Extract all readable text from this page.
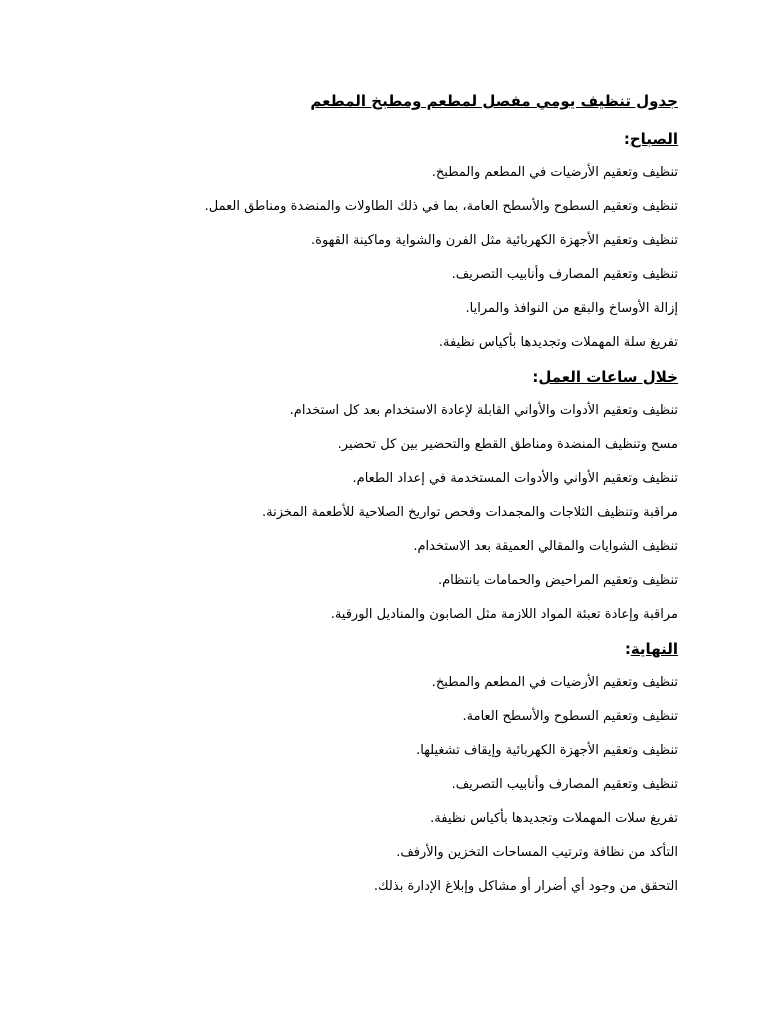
جدول تنظيف يومي مفصل لمطعم ومطبخ المطعم
الصباح:
تنظيف وتعقيم الأرضيات في المطعم والمطبخ.
تنظيف وتعقيم السطوح والأسطح العامة، بما في ذلك الطاولات والمنضدة ومناطق العمل.
تنظيف وتعقيم الأجهزة الكهربائية مثل الفرن والشواية وماكينة القهوة.
تنظيف وتعقيم المصارف وأنابيب التصريف.
إزالة الأوساخ والبقع من النوافذ والمرايا.
تفريغ سلة المهملات وتجديدها بأكياس نظيفة.
خلال ساعات العمل:
تنظيف وتعقيم الأدوات والأواني القابلة لإعادة الاستخدام بعد كل استخدام.
مسح وتنظيف المنضدة ومناطق القطع والتحضير بين كل تحضير.
تنظيف وتعقيم الأواني والأدوات المستخدمة في إعداد الطعام.
مراقبة وتنظيف الثلاجات والمجمدات وفحص تواريخ الصلاحية للأطعمة المخزنة.
تنظيف الشوايات والمقالي العميقة بعد الاستخدام.
تنظيف وتعقيم المراحيض والحمامات بانتظام.
مراقبة وإعادة تعبئة المواد اللازمة مثل الصابون والمناديل الورقية.
النهاية:
تنظيف وتعقيم الأرضيات في المطعم والمطبخ.
تنظيف وتعقيم السطوح والأسطح العامة.
تنظيف وتعقيم الأجهزة الكهربائية وإيقاف تشغيلها.
تنظيف وتعقيم المصارف وأنابيب التصريف.
تفريغ سلات المهملات وتجديدها بأكياس نظيفة.
التأكد من نظافة وترتيب المساحات التخزين والأرفف.
التحقق من وجود أي أضرار أو مشاكل وإبلاغ الإدارة بذلك.
